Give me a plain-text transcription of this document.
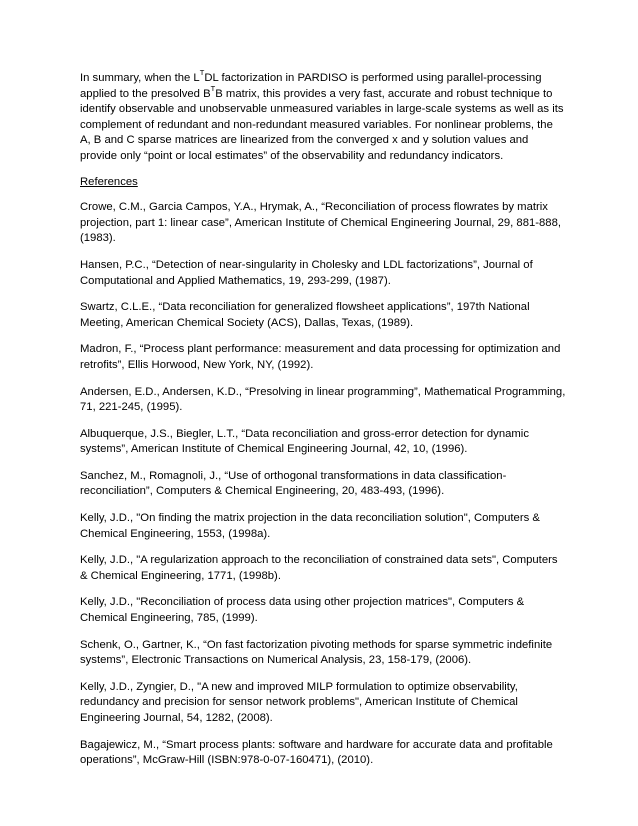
In summary, when the $L^TDL$ factorization in PARDISO is performed using parallel-processing applied to the presolved $B^TB$ matrix, this provides a very fast, accurate and robust technique to identify observable and unobservable unmeasured variables in large-scale systems as well as its complement of redundant and non-redundant measured variables. For nonlinear problems, the A, B and C sparse matrices are linearized from the converged x and y solution values and provide only “point or local estimates” of the observability and redundancy indicators.

References

Crowe, C.M., Garcia Campos, Y.A., Hrymak, A., “Reconciliation of process flowrates by matrix projection, part 1: linear case”, American Institute of Chemical Engineering Journal, 29, 881-888, (1983).
Hansen, P.C., “Detection of near-singularity in Cholesky and LDL factorizations”, Journal of Computational and Applied Mathematics, 19, 293-299, (1987).
Swartz, C.L.E., “Data reconciliation for generalized flowsheet applications”, 197th National Meeting, American Chemical Society (ACS), Dallas, Texas, (1989).
Madron, F., “Process plant performance: measurement and data processing for optimization and retrofits”, Ellis Horwood, New York, NY, (1992).
Andersen, E.D., Andersen, K.D., “Presolving in linear programming”, Mathematical Programming, 71, 221-245, (1995).
Albuquerque, J.S., Biegler, L.T., “Data reconciliation and gross-error detection for dynamic systems”, American Institute of Chemical Engineering Journal, 42, 10, (1996).
Sanchez, M., Romagnoli, J., “Use of orthogonal transformations in data classification-reconciliation”, Computers & Chemical Engineering, 20, 483-493, (1996).
Kelly, J.D., "On finding the matrix projection in the data reconciliation solution", Computers & Chemical Engineering, 1553, (1998a).
Kelly, J.D., "A regularization approach to the reconciliation of constrained data sets", Computers & Chemical Engineering, 1771, (1998b).
Kelly, J.D., "Reconciliation of process data using other projection matrices", Computers & Chemical Engineering, 785, (1999).
Schenk, O., Gartner, K., “On fast factorization pivoting methods for sparse symmetric indefinite systems”, Electronic Transactions on Numerical Analysis, 23, 158-179, (2006).
Kelly, J.D., Zyngier, D., "A new and improved MILP formulation to optimize observability, redundancy and precision for sensor network problems", American Institute of Chemical Engineering Journal, 54, 1282, (2008).
Bagajewicz, M., “Smart process plants: software and hardware for accurate data and profitable operations”, McGraw-Hill (ISBN:978-0-07-160471), (2010).
